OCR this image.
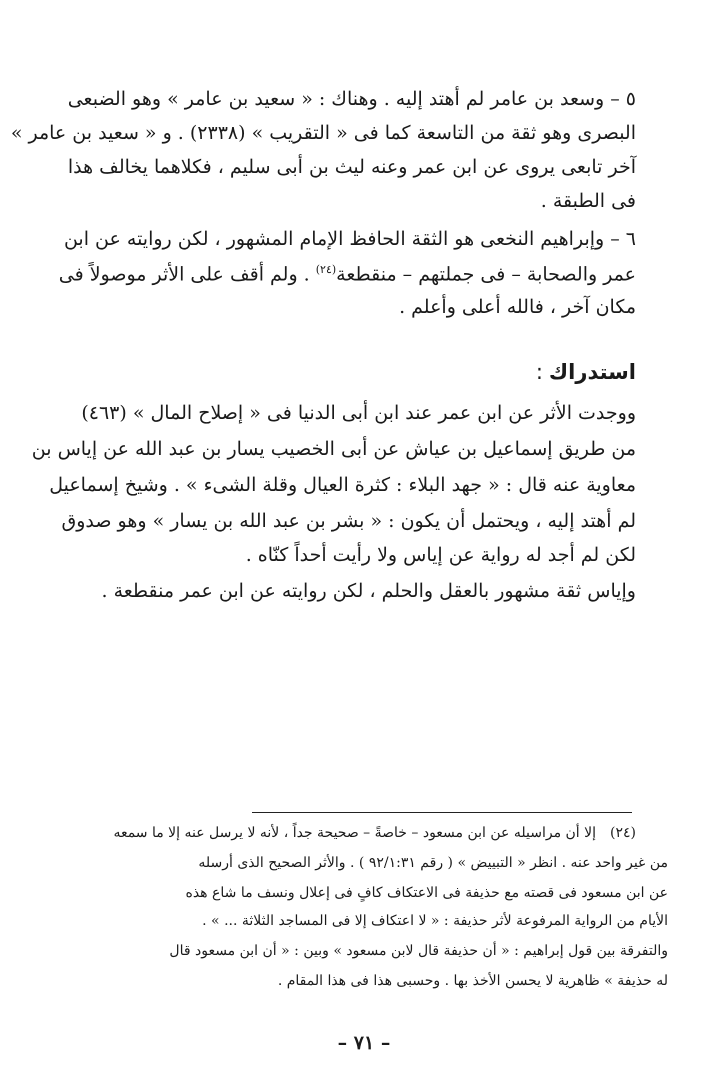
٥ – وسعد بن عامر لم أهتد إليه . وهناك : « سعيد بن عامر » وهو الضبعى
البصرى وهو ثقة من التاسعة كما فى « التقريب » (٢٣٣٨) . و « سعيد بن عامر »
آخر تابعى يروى عن ابن عمر وعنه ليث بن أبى سليم ، فكلاهما يخالف هذا
فى الطبقة .
٦ – وإبراهيم النخعى هو الثقة الحافظ الإمام المشهور ، لكن روايته عن ابن
عمر والصحابة – فى جملتهم – منقطعة$^{(٢٤)}$ . ولم أقف على الأثر موصولاً فى
مكان آخر ، فالله أعلى وأعلم .
استدراك:
ووجدت الأثر عن ابن عمر عند ابن أبى الدنيا فى « إصلاح المال » (٤٦٣)
من طريق إسماعيل بن عياش عن أبى الخصيب يسار بن عبد الله عن إياس بن
معاوية عنه قال : « جهد البلاء : كثرة العيال وقلة الشىء » . وشيخ إسماعيل
لم أهتد إليه ، ويحتمل أن يكون : « بشر بن عبد الله بن يسار » وهو صدوق
لكن لم أجد له رواية عن إياس ولا رأيت أحداً كنّاه .
وإياس ثقة مشهور بالعقل والحلم ، لكن روايته عن ابن عمر منقطعة .
(٢٤)إلا أن مراسيله عن ابن مسعود – خاصةً – صحيحة جداً ، لأنه لا يرسل عنه إلا ما سمعه
من غير واحد عنه . انظر « التبييض » ( رقم ٩٢/١:٣١ ) . والأثر الصحيح الذى أرسله
عن ابن مسعود فى قصته مع حذيفة فى الاعتكاف كافٍ فى إعلال ونسف ما شاع هذه
الأيام من الرواية المرفوعة لأثر حذيفة : « لا اعتكاف إلا فى المساجد الثلاثة ... » .
والتفرقة بين قول إبراهيم : « أن حذيفة قال لابن مسعود » وبين : « أن ابن مسعود قال
له حذيفة » ظاهرية لا يحسن الأخذ بها . وحسبى هذا فى هذا المقام .
– ٧١ –
